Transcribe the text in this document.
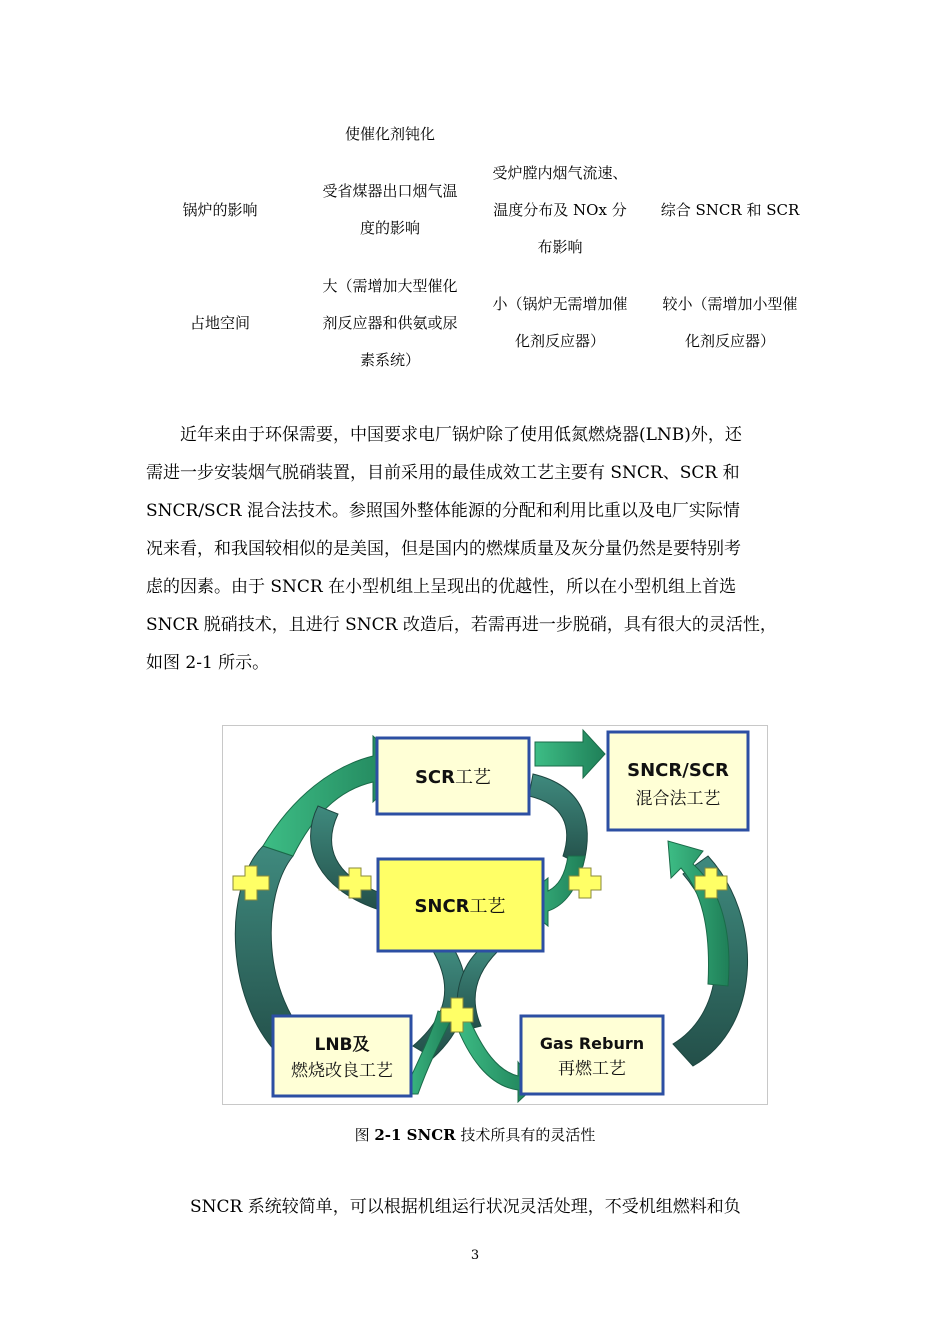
使催化剂钝化
锅炉的影响
受省煤器出口烟气温
度的影响
受炉膛内烟气流速、
温度分布及 NOx 分
布影响
综合 SNCR 和 SCR
占地空间
大（需增加大型催化
剂反应器和供氨或尿
素系统）
小（锅炉无需增加催
化剂反应器）
较小（需增加小型催
化剂反应器）
近年来由于环保需要，中国要求电厂锅炉除了使用低氮燃烧器(LNB)外，还
需进一步安装烟气脱硝装置，目前采用的最佳成效工艺主要有 SNCR、SCR 和
SNCR/SCR 混合法技术。参照国外整体能源的分配和利用比重以及电厂实际情
况来看，和我国较相似的是美国，但是国内的燃煤质量及灰分量仍然是要特别考
虑的因素。由于 SNCR 在小型机组上呈现出的优越性，所以在小型机组上首选
SNCR 脱硝技术，且进行 SNCR 改造后，若需再进一步脱硝，具有很大的灵活性，
如图 2-1 所示。
SCR工艺	SNCR/SCR
混合法工艺
SNCR工艺
LNB及
燃烧改良工艺
Gas Reburn
再燃工艺
图 2-1 SNCR 技术所具有的灵活性
SNCR 系统较简单，可以根据机组运行状况灵活处理，不受机组燃料和负
3
